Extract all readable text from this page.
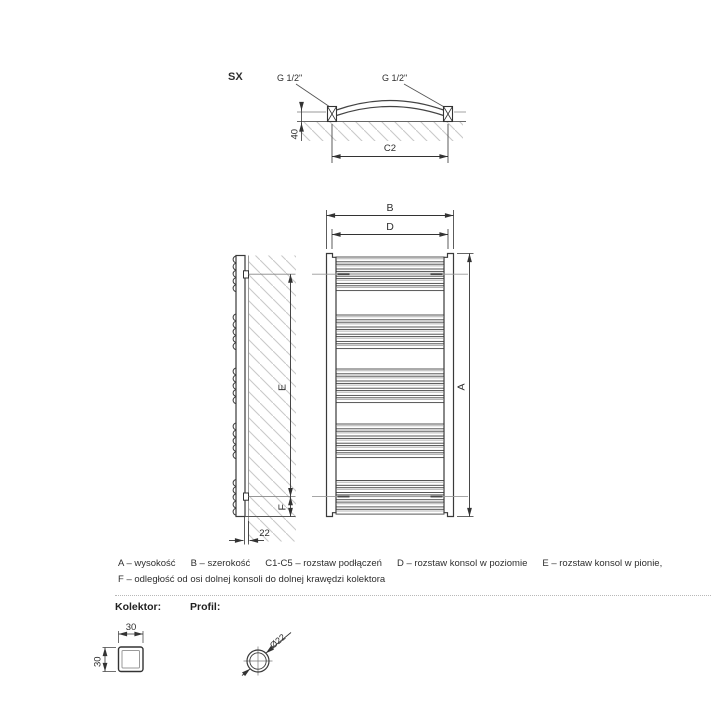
SX	G 1/2"	G 1/2"
40
C2
E
F
22
B
D
A
30
30
Ø22
A – wysokość B – szerokość C1-C5 – rozstaw podłączeń D – rozstaw konsol w poziomie E – rozstaw konsol w pionie,
F – odległość od osi dolnej konsoli do dolnej krawędzi kolektora
Kolektor:	Profil:
